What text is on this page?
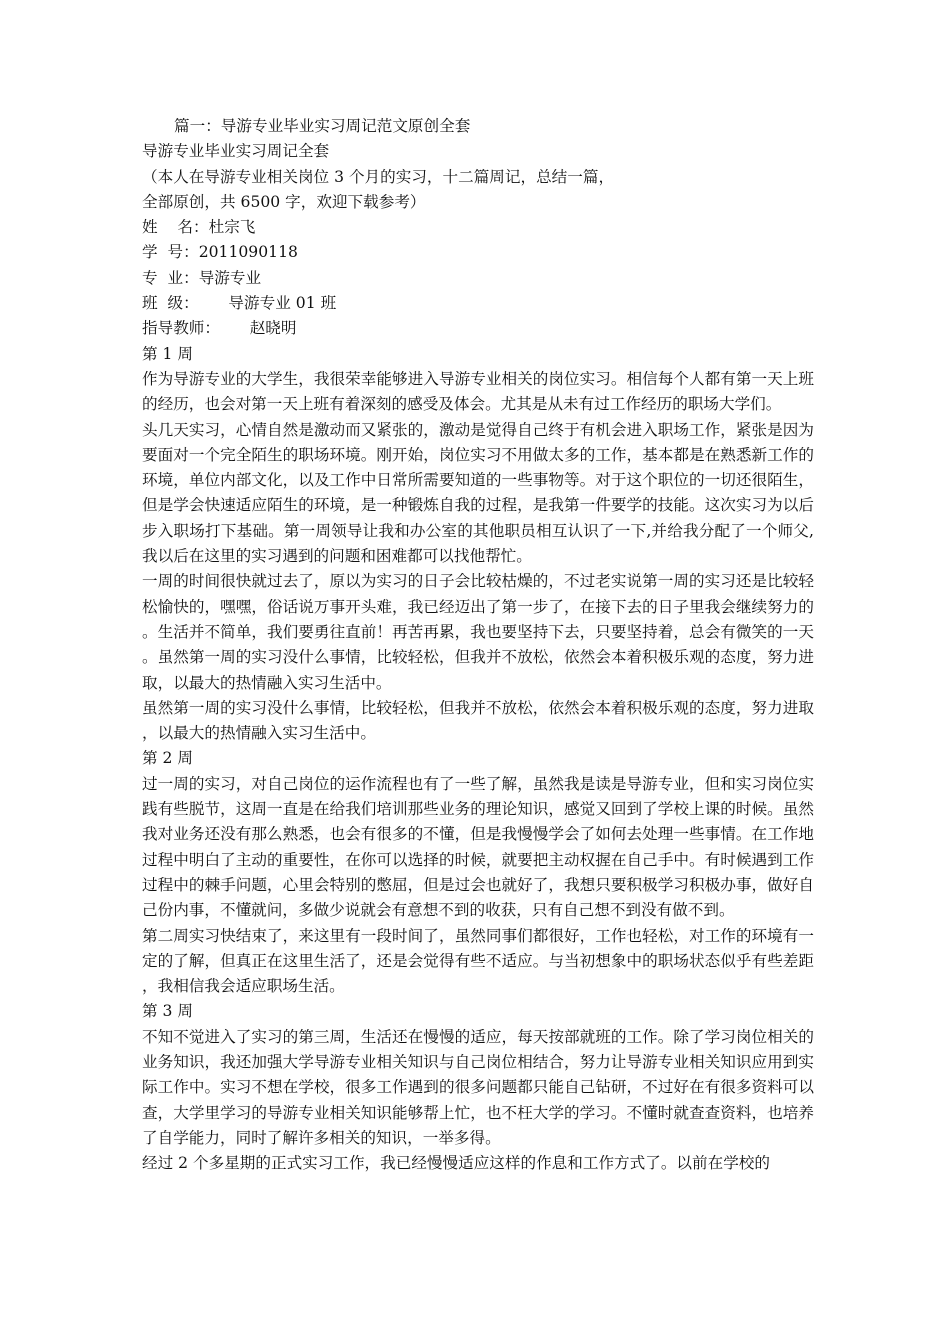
篇一：导游专业毕业实习周记范文原创全套
导游专业毕业实习周记全套
（本人在导游专业相关岗位 3 个月的实习，十二篇周记，总结一篇，
全部原创，共 6500 字，欢迎下载参考）
姓    名：杜宗飞
学  号：2011090118
专  业：导游专业
班  级：      导游专业 01 班
指导教师：      赵晓明
第 1 周

作为导游专业的大学生，我很荣幸能够进入导游专业相关的岗位实习。相信每个人都有第一天上班的经历，也会对第一天上班有着深刻的感受及体会。尤其是从未有过工作经历的职场大学们。

头几天实习，心情自然是激动而又紧张的，激动是觉得自己终于有机会进入职场工作，紧张是因为要面对一个完全陌生的职场环境。刚开始，岗位实习不用做太多的工作，基本都是在熟悉新工作的环境，单位内部文化，以及工作中日常所需要知道的一些事物等。对于这个职位的一切还很陌生，但是学会快速适应陌生的环境，是一种锻炼自我的过程，是我第一件要学的技能。这次实习为以后步入职场打下基础。第一周领导让我和办公室的其他职员相互认识了一下,并给我分配了一个师父,我以后在这里的实习遇到的问题和困难都可以找他帮忙。

一周的时间很快就过去了，原以为实习的日子会比较枯燥的，不过老实说第一周的实习还是比较轻松愉快的，嘿嘿，俗话说万事开头难，我已经迈出了第一步了，在接下去的日子里我会继续努力的。生活并不简单，我们要勇往直前！再苦再累，我也要坚持下去，只要坚持着，总会有微笑的一天。虽然第一周的实习没什么事情，比较轻松，但我并不放松，依然会本着积极乐观的态度，努力进取，以最大的热情融入实习生活中。

虽然第一周的实习没什么事情，比较轻松，但我并不放松，依然会本着积极乐观的态度，努力进取，以最大的热情融入实习生活中。

第 2 周

过一周的实习，对自己岗位的运作流程也有了一些了解，虽然我是读是导游专业，但和实习岗位实践有些脱节，这周一直是在给我们培训那些业务的理论知识，感觉又回到了学校上课的时候。虽然我对业务还没有那么熟悉，也会有很多的不懂，但是我慢慢学会了如何去处理一些事情。在工作地过程中明白了主动的重要性，在你可以选择的时候，就要把主动权握在自己手中。有时候遇到工作过程中的棘手问题，心里会特别的憋屈，但是过会也就好了，我想只要积极学习积极办事，做好自己份内事，不懂就问，多做少说就会有意想不到的收获，只有自己想不到没有做不到。

第二周实习快结束了，来这里有一段时间了，虽然同事们都很好，工作也轻松，对工作的环境有一定的了解，但真正在这里生活了，还是会觉得有些不适应。与当初想象中的职场状态似乎有些差距，我相信我会适应职场生活。

第 3 周

不知不觉进入了实习的第三周，生活还在慢慢的适应，每天按部就班的工作。除了学习岗位相关的业务知识，我还加强大学导游专业相关知识与自己岗位相结合，努力让导游专业相关知识应用到实际工作中。实习不想在学校，很多工作遇到的很多问题都只能自己钻研，不过好在有很多资料可以查，大学里学习的导游专业相关知识能够帮上忙，也不枉大学的学习。不懂时就查查资料，也培养了自学能力，同时了解许多相关的知识，一举多得。

经过 2 个多星期的正式实习工作，我已经慢慢适应这样的作息和工作方式了。以前在学校的
